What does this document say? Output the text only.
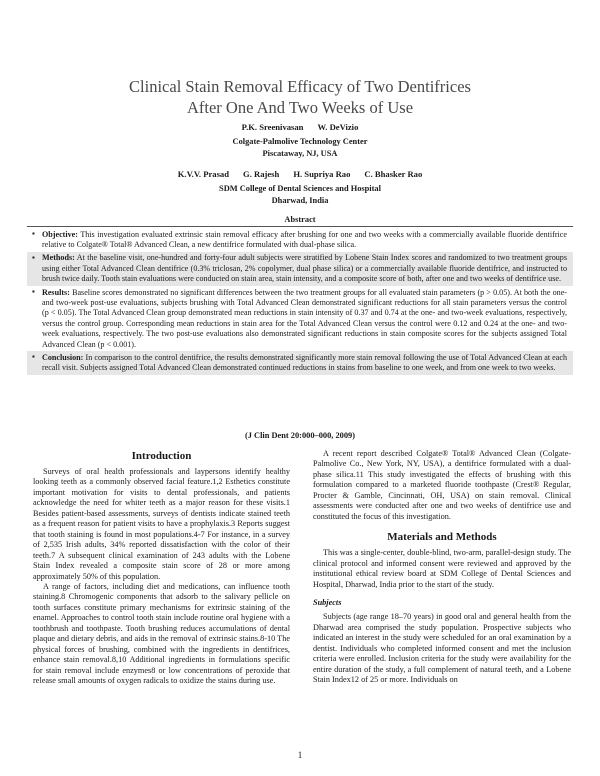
Clinical Stain Removal Efficacy of Two Dentifrices
After One And Two Weeks of Use
P.K. Sreenivasan W. DeVizio
Colgate-Palmolive Technology Center
Piscataway, NJ, USA
K.V.V. Prasad G. Rajesh H. Supriya Rao C. Bhasker Rao
SDM College of Dental Sciences and Hospital
Dharwad, India
Abstract
▪ Objective: This investigation evaluated extrinsic stain removal efficacy after brushing for one and two weeks with a commercially available fluoride dentifrice relative to Colgate® Total® Advanced Clean, a new dentifrice formulated with dual-phase silica.
▪ Methods: At the baseline visit, one-hundred and forty-four adult subjects were stratified by Lobene Stain Index scores and randomized to two treatment groups using either Total Advanced Clean dentifrice (0.3% triclosan, 2% copolymer, dual phase silica) or a commercially available fluoride dentifrice, and instructed to brush twice daily. Tooth stain evaluations were conducted on stain area, stain intensity, and a composite score of both, after one and two weeks of dentifrice use.
▪ Results: Baseline scores demonstrated no significant differences between the two treatment groups for all evaluated stain parameters (p > 0.05). At both the one- and two-week post-use evaluations, subjects brushing with Total Advanced Clean demonstrated significant reductions for all stain parameters versus the control (p < 0.05). The Total Advanced Clean group demonstrated mean reductions in stain intensity of 0.37 and 0.74 at the one- and two-week evaluations, respectively, versus the control group. Corresponding mean reductions in stain area for the Total Advanced Clean versus the control were 0.12 and 0.24 at the one- and two-week evaluations, respectively. The two post-use evaluations also demonstrated significant reductions in stain composite scores for the subjects assigned Total Advanced Clean (p < 0.001).
▪ Conclusion: In comparison to the control dentifrice, the results demonstrated significantly more stain removal following the use of Total Advanced Clean at each recall visit. Subjects assigned Total Advanced Clean demonstrated continued reductions in stains from baseline to one week, and from one week to two weeks.
(J Clin Dent 20:000–000, 2009)
Introduction

Surveys of oral health professionals and laypersons identify healthy looking teeth as a commonly observed facial feature.1,2 Esthetics constitute important motivation for visits to dental professionals, and patients acknowledge the need for whiter teeth as a major reason for these visits.1 Besides patient-based assessments, surveys of dentists indicate stained teeth as a frequent reason for patient visits to have a prophylaxis.3 Reports suggest that tooth staining is found in most populations.4-7 For instance, in a survey of 2,535 Irish adults, 34% reported dissatisfaction with the color of their teeth.7 A subsequent clinical examination of 243 adults with the Lobene Stain Index revealed a composite stain score of 28 or more among approximately 50% of this population.

A range of factors, including diet and medications, can influence tooth staining.8 Chromogenic components that adsorb to the salivary pellicle on tooth surfaces constitute primary mechanisms for extrinsic staining of the enamel. Approaches to control tooth stain include routine oral hygiene with a toothbrush and toothpaste. Tooth brushing reduces accumulations of dental plaque and dietary debris, and aids in the removal of extrinsic stains.8-10 The physical forces of brushing, combined with the ingredients in dentifrices, enhance stain removal.8,10 Additional ingredients in formulations specific for stain removal include enzymes8 or low concentrations of peroxide that release small amounts of oxygen radicals to oxidize the stains during use.

A recent report described Colgate® Total® Advanced Clean (Colgate-Palmolive Co., New York, NY, USA), a dentifrice formulated with a dual-phase silica.11 This study investigated the effects of brushing with this formulation compared to a marketed fluoride toothpaste (Crest® Regular, Procter & Gamble, Cincinnati, OH, USA) on stain removal. Clinical assessments were conducted after one and two weeks of dentifrice use and constituted the focus of this investigation.

Materials and Methods

This was a single-center, double-blind, two-arm, parallel-design study. The clinical protocol and informed consent were reviewed and approved by the institutional ethical review board at SDM College of Dental Sciences and Hospital, Dharwad, India prior to the start of the study.

Subjects

Subjects (age range 18–70 years) in good oral and general health from the Dharwad area comprised the study population. Prospective subjects who indicated an interest in the study were scheduled for an oral examination by a dentist. Individuals who completed informed consent and met the inclusion criteria were enrolled. Inclusion criteria for the study were availability for the entire duration of the study, a full complement of natural teeth, and a Lobene Stain Index12 of 25 or more. Individuals on

1
